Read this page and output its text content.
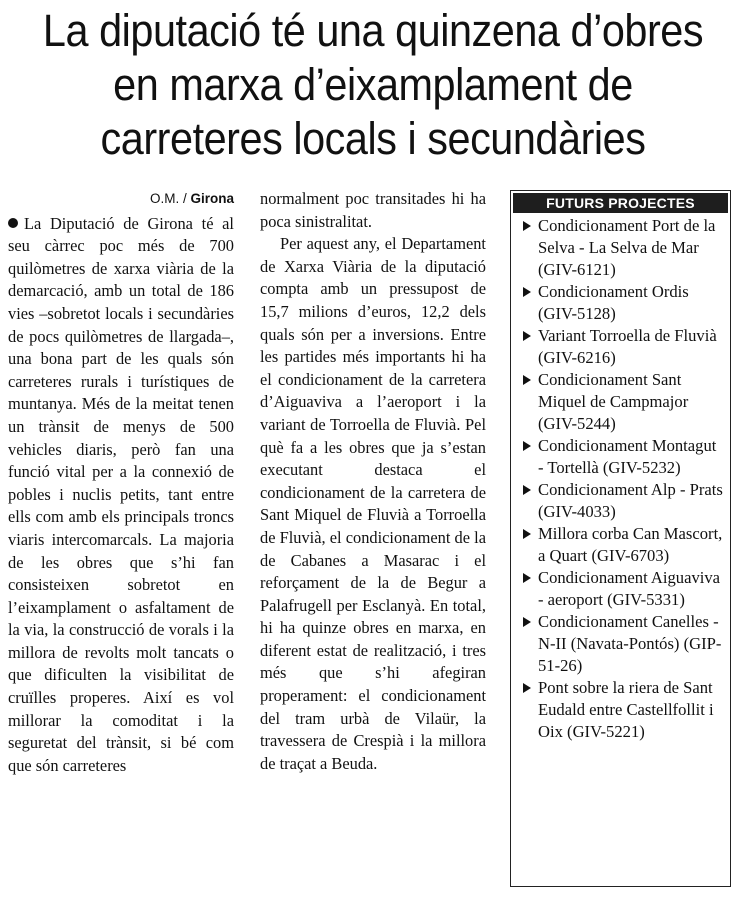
La diputació té una quinzena d’obres en marxa d’eixamplament de carreteres locals i secundàries
O.M. / Girona

La Diputació de Girona té al seu càrrec poc més de 700 quilòmetres de xarxa viària de la demarcació, amb un total de 186 vies –sobretot locals i secundàries de pocs quilòmetres de llargada–, una bona part de les quals són carreteres rurals i turístiques de muntanya. Més de la meitat tenen un trànsit de menys de 500 vehicles diaris, però fan una funció vital per a la connexió de pobles i nuclis petits, tant entre ells com amb els principals troncs viaris intercomarcals. La majoria de les obres que s’hi fan consisteixen sobretot en l’eixamplament o asfaltament de la via, la construcció de vorals i la millora de revolts molt tancats o que dificulten la visibilitat de cruïlles properes. Així es vol millorar la comoditat i la seguretat del trànsit, si bé com que són carreteres

normalment poc transitades hi ha poca sinistralitat.

Per aquest any, el Departament de Xarxa Viària de la diputació compta amb un pressupost de 15,7 milions d’euros, 12,2 dels quals són per a inversions. Entre les partides més importants hi ha el condicionament de la carretera d’Aiguaviva a l’aeroport i la variant de Torroella de Fluvià. Pel què fa a les obres que ja s’estan executant destaca el condicionament de la carretera de Sant Miquel de Fluvià a Torroella de Fluvià, el condicionament de la de Cabanes a Masarac i el reforçament de la de Begur a Palafrugell per Esclanyà. En total, hi ha quinze obres en marxa, en diferent estat de realització, i tres més que s’hi afegiran properament: el condicionament del tram urbà de Vilaür, la travessera de Crespià i la millora de traçat a Beuda.

FUTURS PROJECTES
Condicionament Port de la Selva - La Selva de Mar (GIV-6121)
Condicionament Ordis (GIV-5128)
Variant Torroella de Fluvià (GIV-6216)
Condicionament Sant Miquel de Campmajor (GIV-5244)
Condicionament Montagut - Tortellà (GIV-5232)
Condicionament Alp - Prats (GIV-4033)
Millora corba Can Mascort, a Quart (GIV-6703)
Condicionament Aiguaviva - aeroport (GIV-5331)
Condicionament Canelles - N-II (Navata-Pontós) (GIP-51-26)
Pont sobre la riera de Sant Eudald entre Castellfollit i Oix (GIV-5221)
